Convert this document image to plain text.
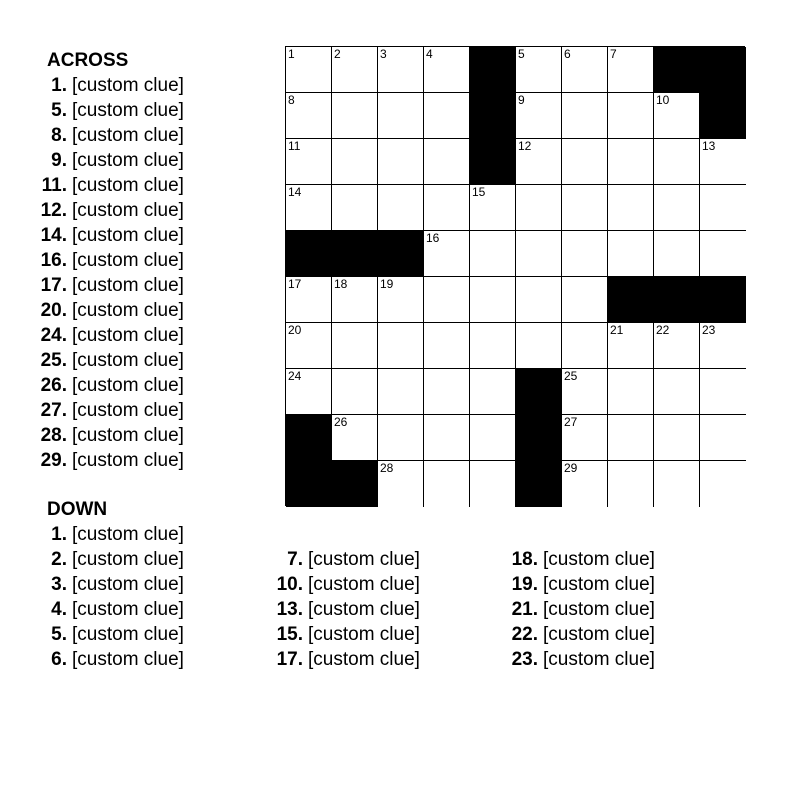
ACROSS
1. [custom clue]
5. [custom clue]
8. [custom clue]
9. [custom clue]
11. [custom clue]
12. [custom clue]
14. [custom clue]
16. [custom clue]
17. [custom clue]
20. [custom clue]
24. [custom clue]
25. [custom clue]
26. [custom clue]
27. [custom clue]
28. [custom clue]
29. [custom clue]
DOWN
1. [custom clue]
2. [custom clue]
3. [custom clue]
4. [custom clue]
5. [custom clue]
6. [custom clue]
7. [custom clue]
10. [custom clue]
13. [custom clue]
15. [custom clue]
17. [custom clue]
18. [custom clue]
19. [custom clue]
21. [custom clue]
22. [custom clue]
23. [custom clue]
1	2	3	4	5	6	7
8	9	10
11	12	13
14	15
16
17	18	19
20	21	22	23
24	25
26	27
28	29
